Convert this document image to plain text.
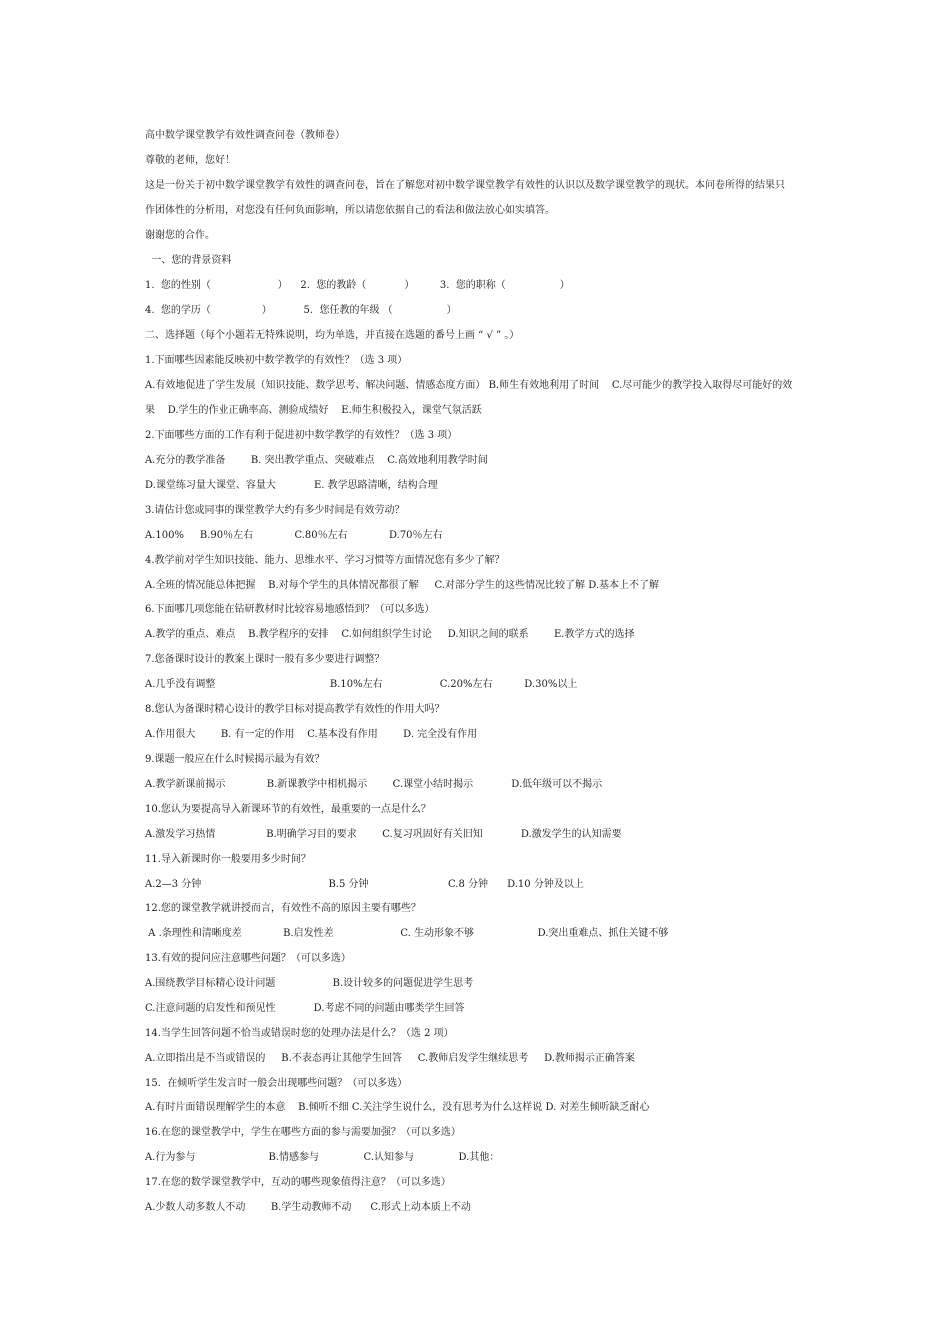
高中数学课堂教学有效性调查问卷（教师卷）
尊敬的老师，您好！
这是一份关于初中数学课堂教学有效性的调查问卷，旨在了解您对初中数学课堂教学有效性的认识以及数学课堂教学的现状。本问卷所得的结果只
作团体性的分析用，对您没有任何负面影响，所以请您依据自己的看法和做法放心如实填答。
谢谢您的合作。
一、您的背景资料
1.  您的性别（                     ）    2.  您的教龄（            ）        3.  您的职称（                 ）
4.  您的学历（                ）          5.  您任教的年级 （                 ）
二、选择题（每个小题若无特殊说明，均为单选，并直接在选题的番号上画 “ √ ” 。）
1.下面哪些因素能反映初中数学教学的有效性？（选 3 项）
A.有效地促进了学生发展（知识技能、数学思考、解决问题、情感态度方面） B.师生有效地利用了时间    C.尽可能少的教学投入取得尽可能好的效
果    D.学生的作业正确率高、测验成绩好    E.师生积极投入，课堂气氛活跃
2.下面哪些方面的工作有利于促进初中数学教学的有效性？（选 3 项）
A.充分的教学准备        B. 突出教学重点、突破难点    C.高效地利用教学时间
D.课堂练习量大课堂、容量大            E. 教学思路清晰，结构合理
3.请估计您或同事的课堂教学大约有多少时间是有效劳动？
A.100%     B.90％左右             C.80％左右             D.70％左右
4.教学前对学生知识技能、能力、思维水平、学习习惯等方面情况您有多少了解？
A.全班的情况能总体把握    B.对每个学生的具体情况都很了解     C.对部分学生的这些情况比较了解 D.基本上不了解
6.下面哪几项您能在钻研教材时比较容易地感悟到？（可以多选）
A.教学的重点、难点    B.教学程序的安排    C.如何组织学生讨论     D.知识之间的联系        E.教学方式的选择
7.您备课时设计的教案上课时一般有多少要进行调整？
A.几乎没有调整                                    B.10%左右                  C.20%左右          D.30%以上
8.您认为备课时精心设计的教学目标对提高教学有效性的作用大吗？
A.作用很大        B. 有一定的作用    C.基本没有作用        D. 完全没有作用
9.课题一般应在什么时候揭示最为有效？
A.教学新课前揭示             B.新课教学中相机揭示        C.课堂小结时揭示            D.低年级可以不揭示
10.您认为要提高导入新课环节的有效性，最重要的一点是什么？
A.激发学习热情                B.明确学习目的要求        C.复习巩固好有关旧知            D.激发学生的认知需要
11.导入新课时你一般要用多少时间？
A.2—3 分钟                                        B.5 分钟                         C.8 分钟      D.10 分钟及以上
12.您的课堂教学就讲授而言，有效性不高的原因主要有哪些？
A .条理性和清晰度差             B.启发性差                     C. 生动形象不够                    D.突出重难点、抓住关键不够
13.有效的提问应注意哪些问题？（可以多选）
A.围绕教学目标精心设计问题                  B.设计较多的问题促进学生思考
C.注意问题的启发性和预见性            D.考虑不同的问题由哪类学生回答
14.当学生回答问题不恰当或错误时您的处理办法是什么？（选 2 项）
A.立即指出是不当或错误的     B.不表态再让其他学生回答     C.教师启发学生继续思考     D.教师揭示正确答案
15.  在倾听学生发言时一般会出现哪些问题？（可以多选）
A.有时片面错误理解学生的本意    B.倾听不细 C.关注学生说什么，没有思考为什么这样说 D. 对差生倾听缺乏耐心
16.在您的课堂教学中，学生在哪些方面的参与需要加强？（可以多选）
A.行为参与                       B.情感参与              C.认知参与              D.其他：
17.在您的数学课堂教学中，互动的哪些现象值得注意？（可以多选）
A.少数人动多数人不动        B.学生动教师不动      C.形式上动本质上不动
